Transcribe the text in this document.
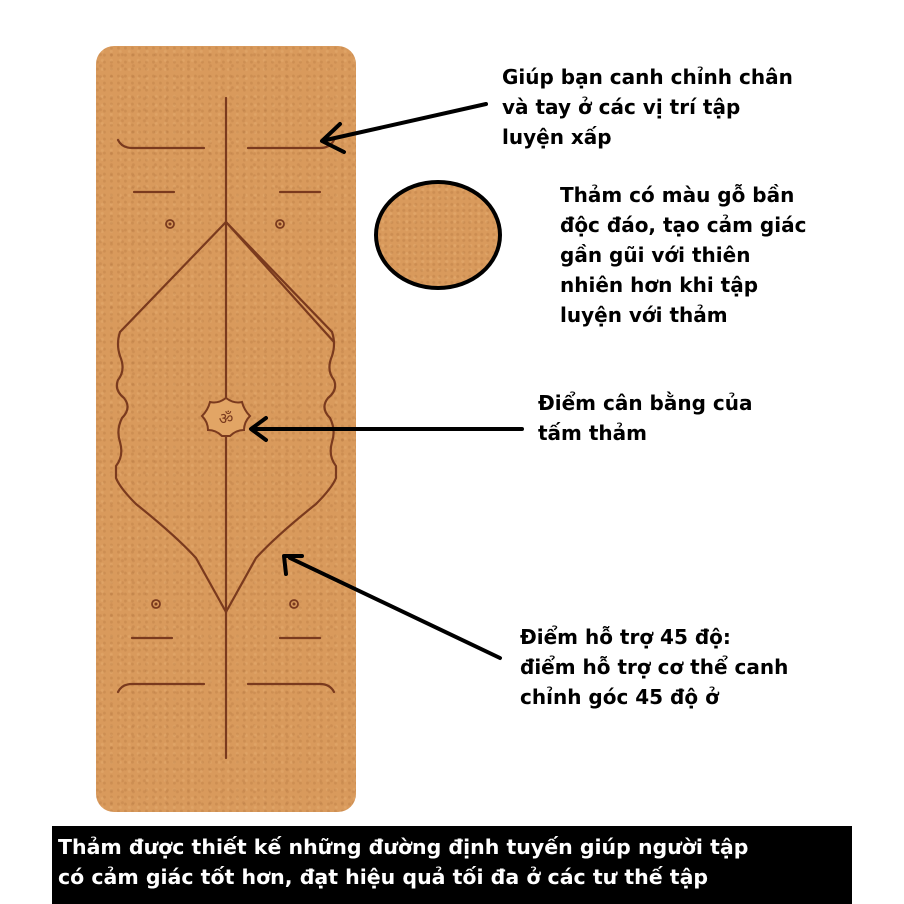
ॐ
Giúp bạn canh chỉnh chân
và tay ở các vị trí tập
luyện xấp
Thảm có màu gỗ bần
độc đáo, tạo cảm giác
gần gũi với thiên
nhiên hơn khi tập
luyện với thảm
Điểm cân bằng của
tấm thảm
Điểm hỗ trợ 45 độ:
điểm hỗ trợ cơ thể canh
chỉnh góc 45 độ ở
Thảm được thiết kế những đường định tuyến giúp người tập
có cảm giác tốt hơn, đạt hiệu quả tối đa ở các tư thế tập
